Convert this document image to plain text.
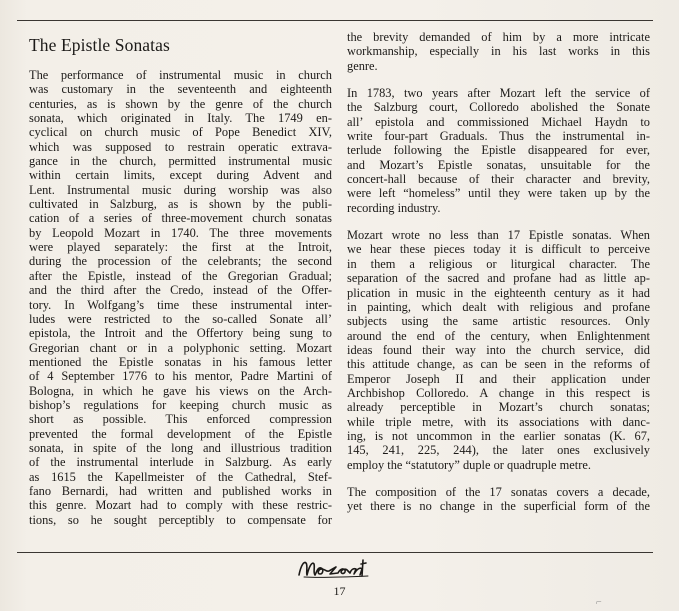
The Epistle Sonatas
The performance of instrumental music in church
was customary in the seventeenth and eighteenth
centuries, as is shown by the genre of the church
sonata, which originated in Italy. The 1749 en-
cyclical on church music of Pope Benedict XIV,
which was supposed to restrain operatic extrava-
gance in the church, permitted instrumental music
within certain limits, except during Advent and
Lent. Instrumental music during worship was also
cultivated in Salzburg, as is shown by the publi-
cation of a series of three-movement church sonatas
by Leopold Mozart in 1740. The three movements
were played separately: the first at the Introit,
during the procession of the celebrants; the second
after the Epistle, instead of the Gregorian Gradual;
and the third after the Credo, instead of the Offer-
tory. In Wolfgang’s time these instrumental inter-
ludes were restricted to the so-called Sonate all’
epistola, the Introit and the Offertory being sung to
Gregorian chant or in a polyphonic setting. Mozart
mentioned the Epistle sonatas in his famous letter
of 4 September 1776 to his mentor, Padre Martini of
Bologna, in which he gave his views on the Arch-
bishop’s regulations for keeping church music as
short as possible. This enforced compression
prevented the formal development of the Epistle
sonata, in spite of the long and illustrious tradition
of the instrumental interlude in Salzburg. As early
as 1615 the Kapellmeister of the Cathedral, Stef-
fano Bernardi, had written and published works in
this genre. Mozart had to comply with these restric-
tions, so he sought perceptibly to compensate for
the brevity demanded of him by a more intricate
workmanship, especially in his last works in this
genre.
In 1783, two years after Mozart left the service of
the Salzburg court, Colloredo abolished the Sonate
all’ epistola and commissioned Michael Haydn to
write four-part Graduals. Thus the instrumental in-
terlude following the Epistle disappeared for ever,
and Mozart’s Epistle sonatas, unsuitable for the
concert-hall because of their character and brevity,
were left “homeless” until they were taken up by the
recording industry.
Mozart wrote no less than 17 Epistle sonatas. When
we hear these pieces today it is difficult to perceive
in them a religious or liturgical character. The
separation of the sacred and profane had as little ap-
plication in music in the eighteenth century as it had
in painting, which dealt with religious and profane
subjects using the same artistic resources. Only
around the end of the century, when Enlightenment
ideas found their way into the church service, did
this attitude change, as can be seen in the reforms of
Emperor Joseph II and their application under
Archbishop Colloredo. A change in this respect is
already perceptible in Mozart’s church sonatas;
while triple metre, with its associations with danc-
ing, is not uncommon in the earlier sonatas (K. 67,
145, 241, 225, 244), the later ones exclusively
employ the “statutory” duple or quadruple metre.
The composition of the 17 sonatas covers a decade,
yet there is no change in the superficial form of the
17
⌐
